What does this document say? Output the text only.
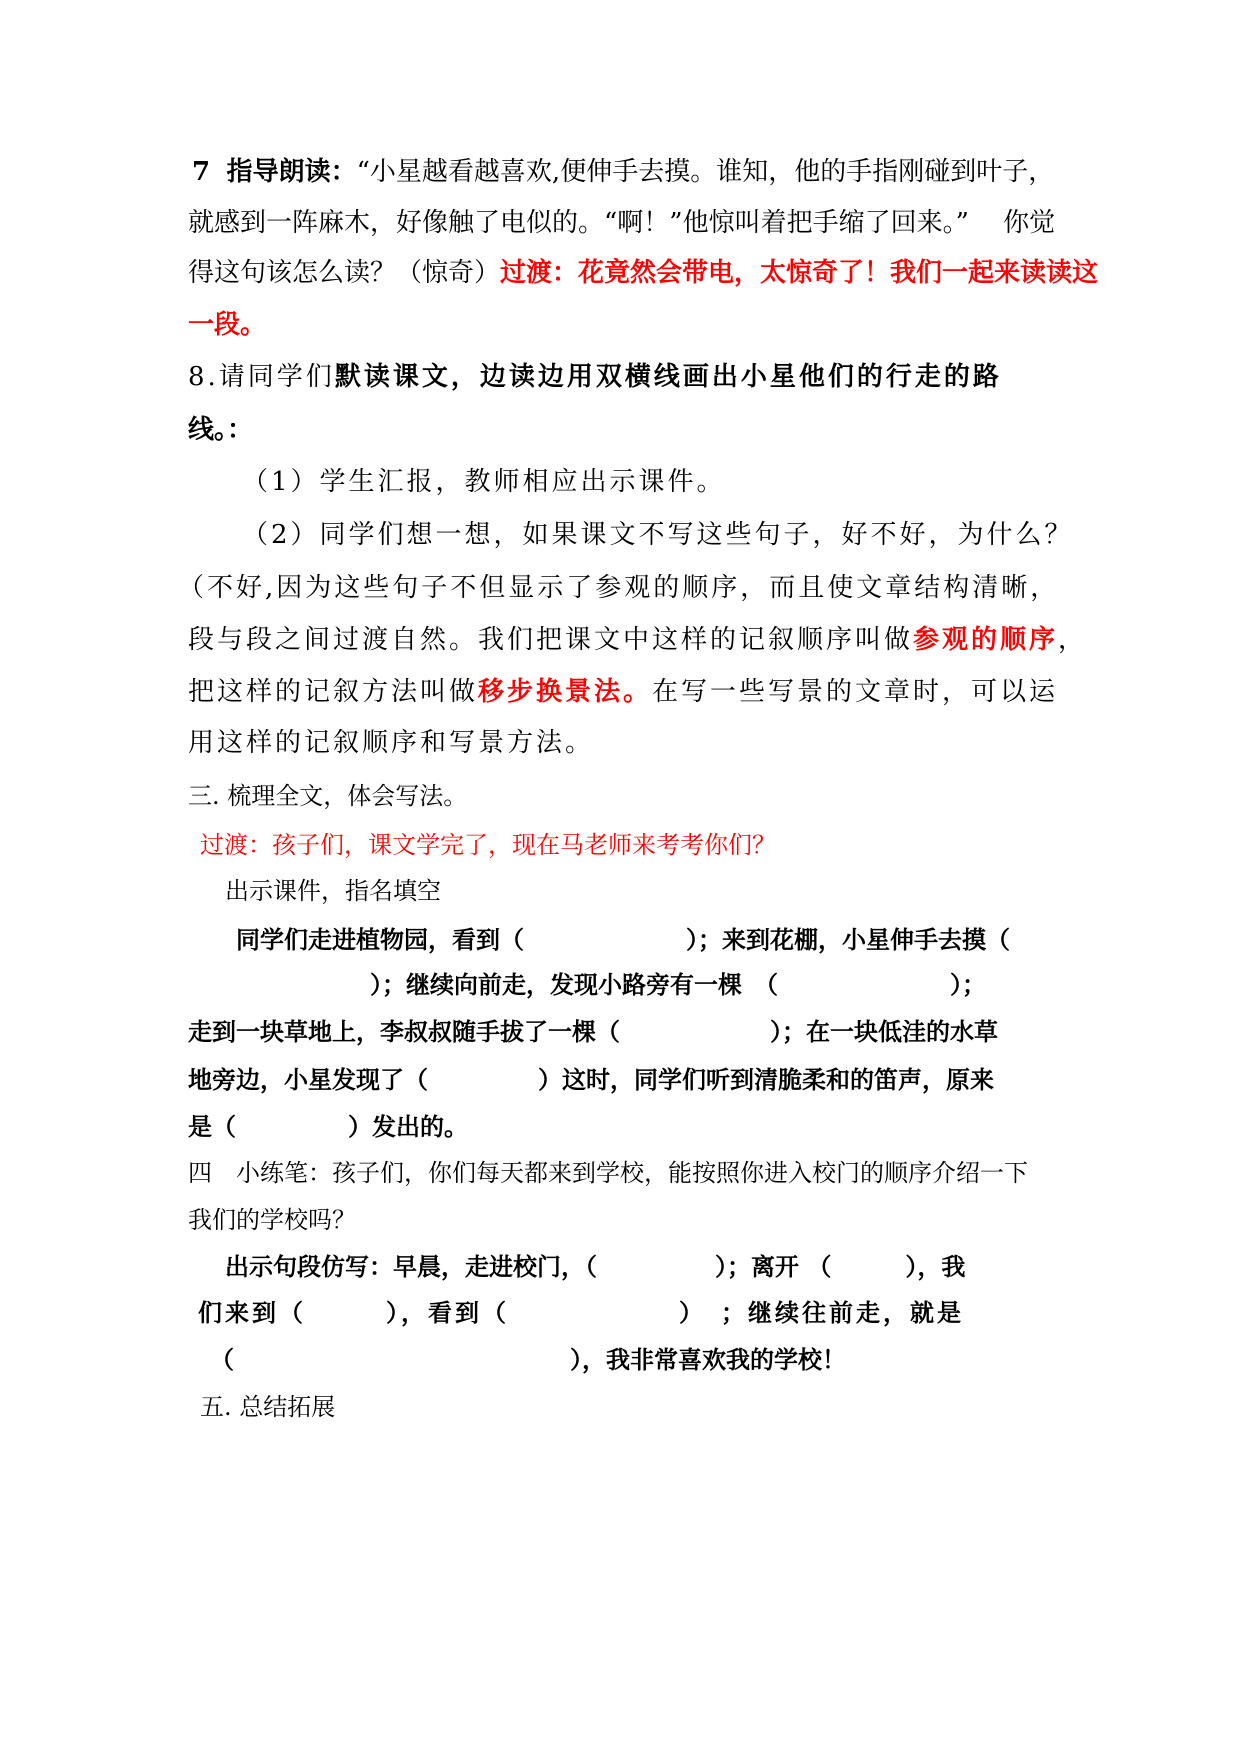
7 指导朗读：“小星越看越喜欢,便伸手去摸。谁知，他的手指刚碰到叶子，
就感到一阵麻木，好像触了电似的。“啊！”他惊叫着把手缩了回来。”　 你觉
得这句该怎么读？（惊奇）过渡：花竟然会带电，太惊奇了！我们一起来读读这
一段。
8.请同学们默读课文，边读边用双横线画出小星他们的行走的路
线。：
（1）学生汇报，教师相应出示课件。
（2）同学们想一想，如果课文不写这些句子，好不好，为什么？
（不好,因为这些句子不但显示了参观的顺序，而且使文章结构清晰，
段与段之间过渡自然。我们把课文中这样的记叙顺序叫做参观的顺序，
把这样的记叙方法叫做移步换景法。在写一些写景的文章时，可以运
用这样的记叙顺序和写景方法。
三. 梳理全文，体会写法。
过渡：孩子们，课文学完了，现在马老师来考考你们？
出示课件，指名填空
同学们走进植物园，看到（	）；来到花棚，小星伸手去摸（
）；继续向前走，发现小路旁有一棵　（	）；
走到一块草地上，李叔叔随手拔了一棵（	）；在一块低洼的水草
地旁边，小星发现了（	）这时，同学们听到清脆柔和的笛声，原来
是（	）发出的。
四　小练笔：孩子们，你们每天都来到学校，能按照你进入校门的顺序介绍一下
我们的学校吗？
出示句段仿写：早晨，走进校门，（	）；离开 （	），我
们来到（	），看到（	）　；继续往前走，就是
（	），我非常喜欢我的学校！
五. 总结拓展
